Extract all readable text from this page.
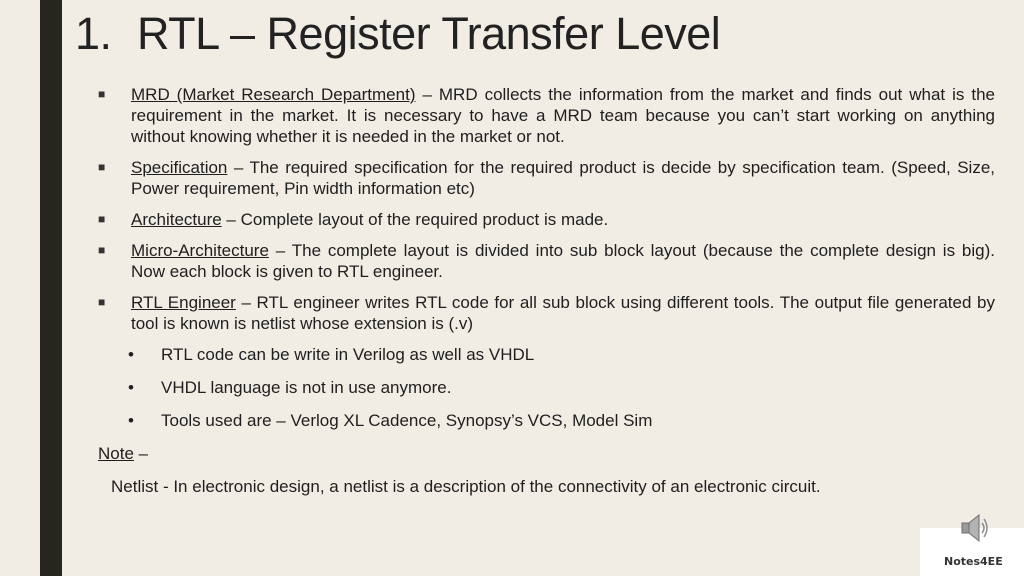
1. RTL – Register Transfer Level
■	MRD (Market Research Department) – MRD collects the information from the market and finds out what is the requirement in the market. It is necessary to have a MRD team because you can’t start working on anything without knowing whether it is needed in the market or not.
■	Specification – The required specification for the required product is decide by specification team. (Speed, Size, Power requirement, Pin width information etc)
■	Architecture – Complete layout of the required product is made.
■	Micro-Architecture – The complete layout is divided into sub block layout (because the complete design is big). Now each block is given to RTL engineer.
■	RTL Engineer – RTL engineer writes RTL code for all sub block using different tools. The output file generated by tool is known is netlist whose extension is (.v)
•	RTL code can be write in Verilog as well as VHDL
•	VHDL language is not in use anymore.
•	Tools used are – Verlog XL Cadence, Synopsy’s VCS, Model Sim
Note –
Netlist - In electronic design, a netlist is a description of the connectivity of an electronic circuit.
Notes4EE
